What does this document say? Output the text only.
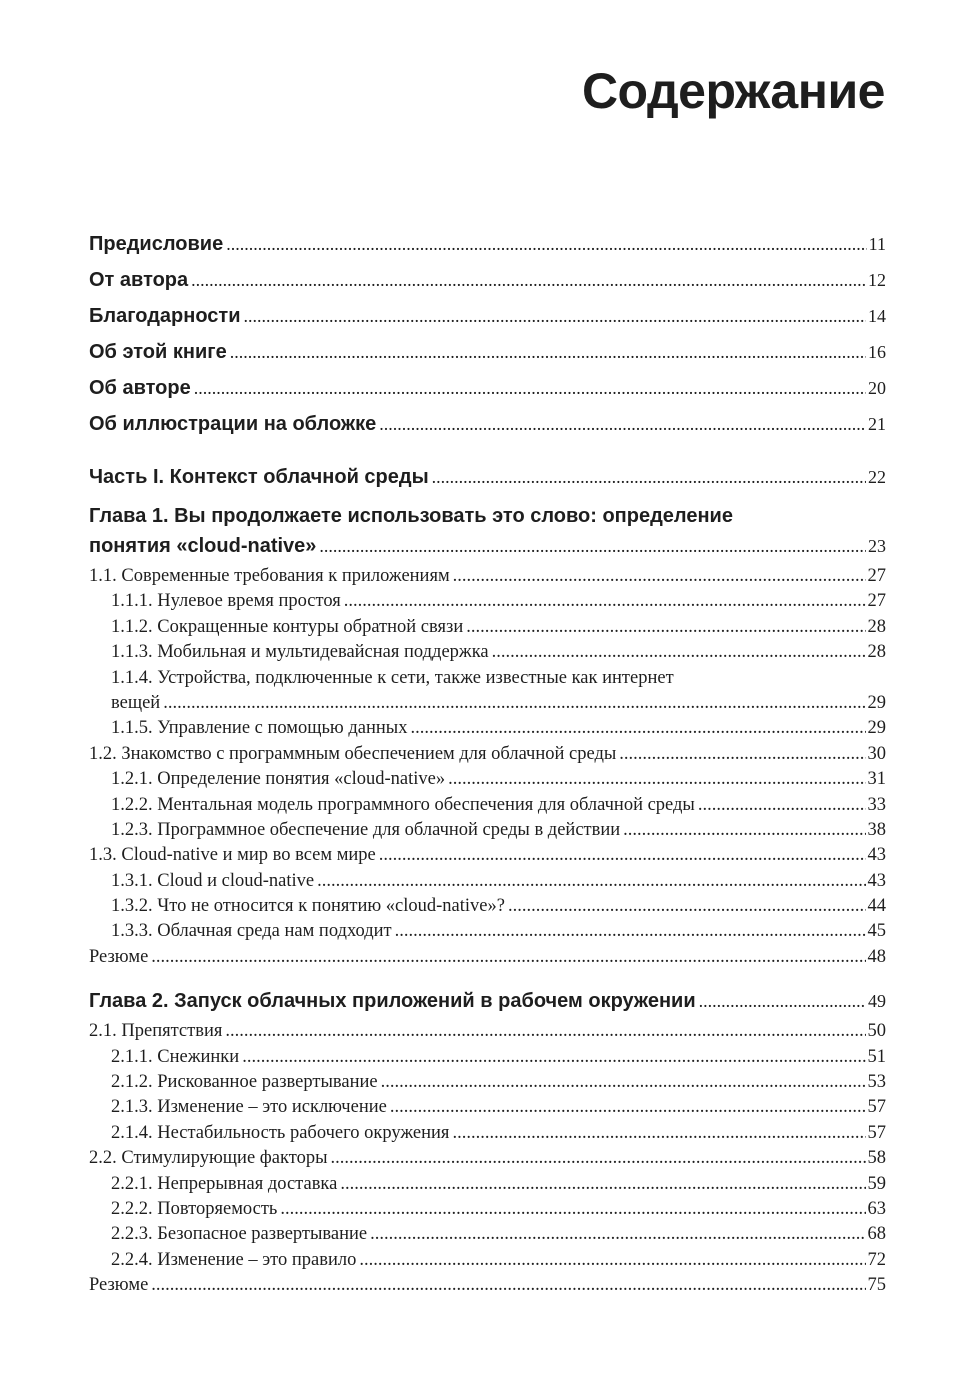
Содержание
Предисловие .....	11
От автора .....	12
Благодарности .....	14
Об этой книге .....	16
Об авторе .....	20
Об иллюстрации на обложке .....	21
Часть I. Контекст облачной среды .....	22
Глава 1. Вы продолжаете использовать это слово: определение
понятия «cloud-native» .....	23
1.1. Современные требования к приложениям .....	27
1.1.1. Нулевое время простоя .....	27
1.1.2. Сокращенные контуры обратной связи .....	28
1.1.3. Мобильная и мультидевайсная поддержка .....	28
1.1.4. Устройства, подключенные к сети, также известные как интернет
вещей .....	29
1.1.5. Управление с помощью данных .....	29
1.2. Знакомство с программным обеспечением для облачной среды .....	30
1.2.1. Определение понятия «cloud-native» .....	31
1.2.2. Ментальная модель программного обеспечения для облачной среды .....	33
1.2.3. Программное обеспечение для облачной среды в действии .....	38
1.3. Cloud-native и мир во всем мире .....	43
1.3.1. Cloud и cloud-native .....	43
1.3.2. Что не относится к понятию «cloud-native»? .....	44
1.3.3. Облачная среда нам подходит .....	45
Резюме .....	48
Глава 2. Запуск облачных приложений в рабочем окружении .....	49
2.1. Препятствия .....	50
2.1.1. Снежинки .....	51
2.1.2. Рискованное развертывание .....	53
2.1.3. Изменение – это исключение .....	57
2.1.4. Нестабильность рабочего окружения .....	57
2.2. Стимулирующие факторы .....	58
2.2.1. Непрерывная доставка .....	59
2.2.2. Повторяемость .....	63
2.2.3. Безопасное развертывание .....	68
2.2.4. Изменение – это правило .....	72
Резюме .....	75
